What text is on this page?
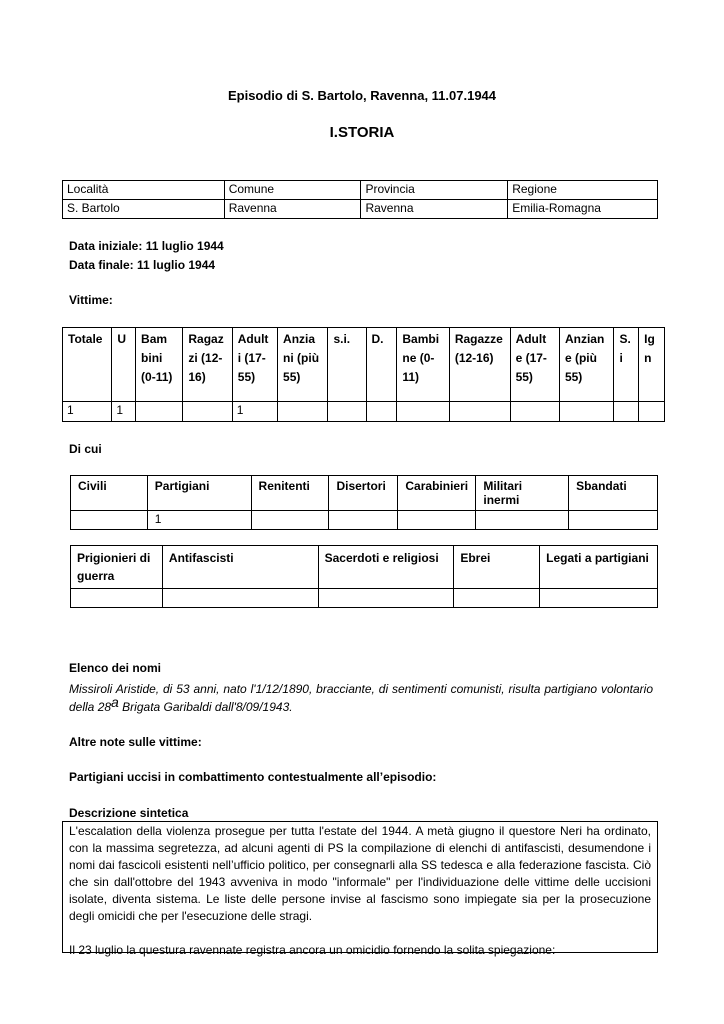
Episodio di S. Bartolo, Ravenna, 11.07.1944
I.STORIA
Località	Comune	Provincia	Regione
S. Bartolo	Ravenna	Ravenna	Emilia-Romagna
Data iniziale: 11 luglio 1944
Data finale: 11 luglio 1944
Vittime:
Totale	U	Bam bini (0-11)	Ragaz zi (12-16)	Adult i (17-55)	Anzia ni (più 55)	s.i.	D.	Bambi ne (0-11)	Ragazze (12-16)	Adult e (17-55)	Anzian e (più 55)	S. i	Ig n
1	1			1									
Di cui
Civili	Partigiani	Renitenti	Disertori	Carabinieri	Militari inermi	Sbandati
	1					
Prigionieri di guerra	Antifascisti	Sacerdoti e religiosi	Ebrei	Legati a partigiani

Elenco dei nomi
Missiroli Aristide, di 53 anni, nato l'1/12/1890, bracciante, di sentimenti comunisti, risulta partigiano volontario della 28$^a$ Brigata Garibaldi dall'8/09/1943.
Altre note sulle vittime:
Partigiani uccisi in combattimento contestualmente all’episodio:
Descrizione sintetica

L'escalation della violenza prosegue per tutta l'estate del 1944. A metà giugno il questore Neri ha ordinato, con la massima segretezza, ad alcuni agenti di PS la compilazione di elenchi di antifascisti, desumendone i nomi dai fascicoli esistenti nell’ufficio politico, per consegnarli alla SS tedesca e alla federazione fascista. Ciò che sin dall'ottobre del 1943 avveniva in modo "informale" per l'individuazione delle vittime delle uccisioni isolate, diventa sistema. Le liste delle persone invise al fascismo sono impiegate sia per la prosecuzione degli omicidi che per l'esecuzione delle stragi.

Il 23 luglio la questura ravennate registra ancora un omicidio fornendo la solita spiegazione:
